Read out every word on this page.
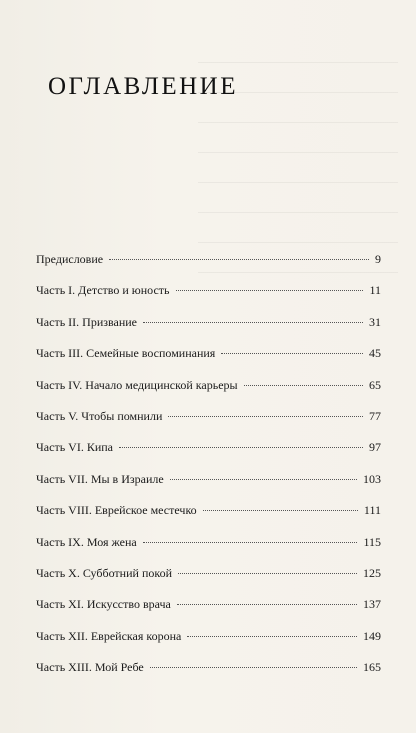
ОГЛАВЛЕНИЕ
Предисловие	9
Часть I. Детство и юность	11
Часть II. Призвание	31
Часть III. Семейные воспоминания	45
Часть IV. Начало медицинской карьеры	65
Часть V. Чтобы помнили	77
Часть VI. Кипа	97
Часть VII. Мы в Израиле	103
Часть VIII. Еврейское местечко	111
Часть IX. Моя жена	115
Часть X. Субботний покой	125
Часть XI. Искусство врача	137
Часть XII. Еврейская корона	149
Часть XIII. Мой Ребе	165
